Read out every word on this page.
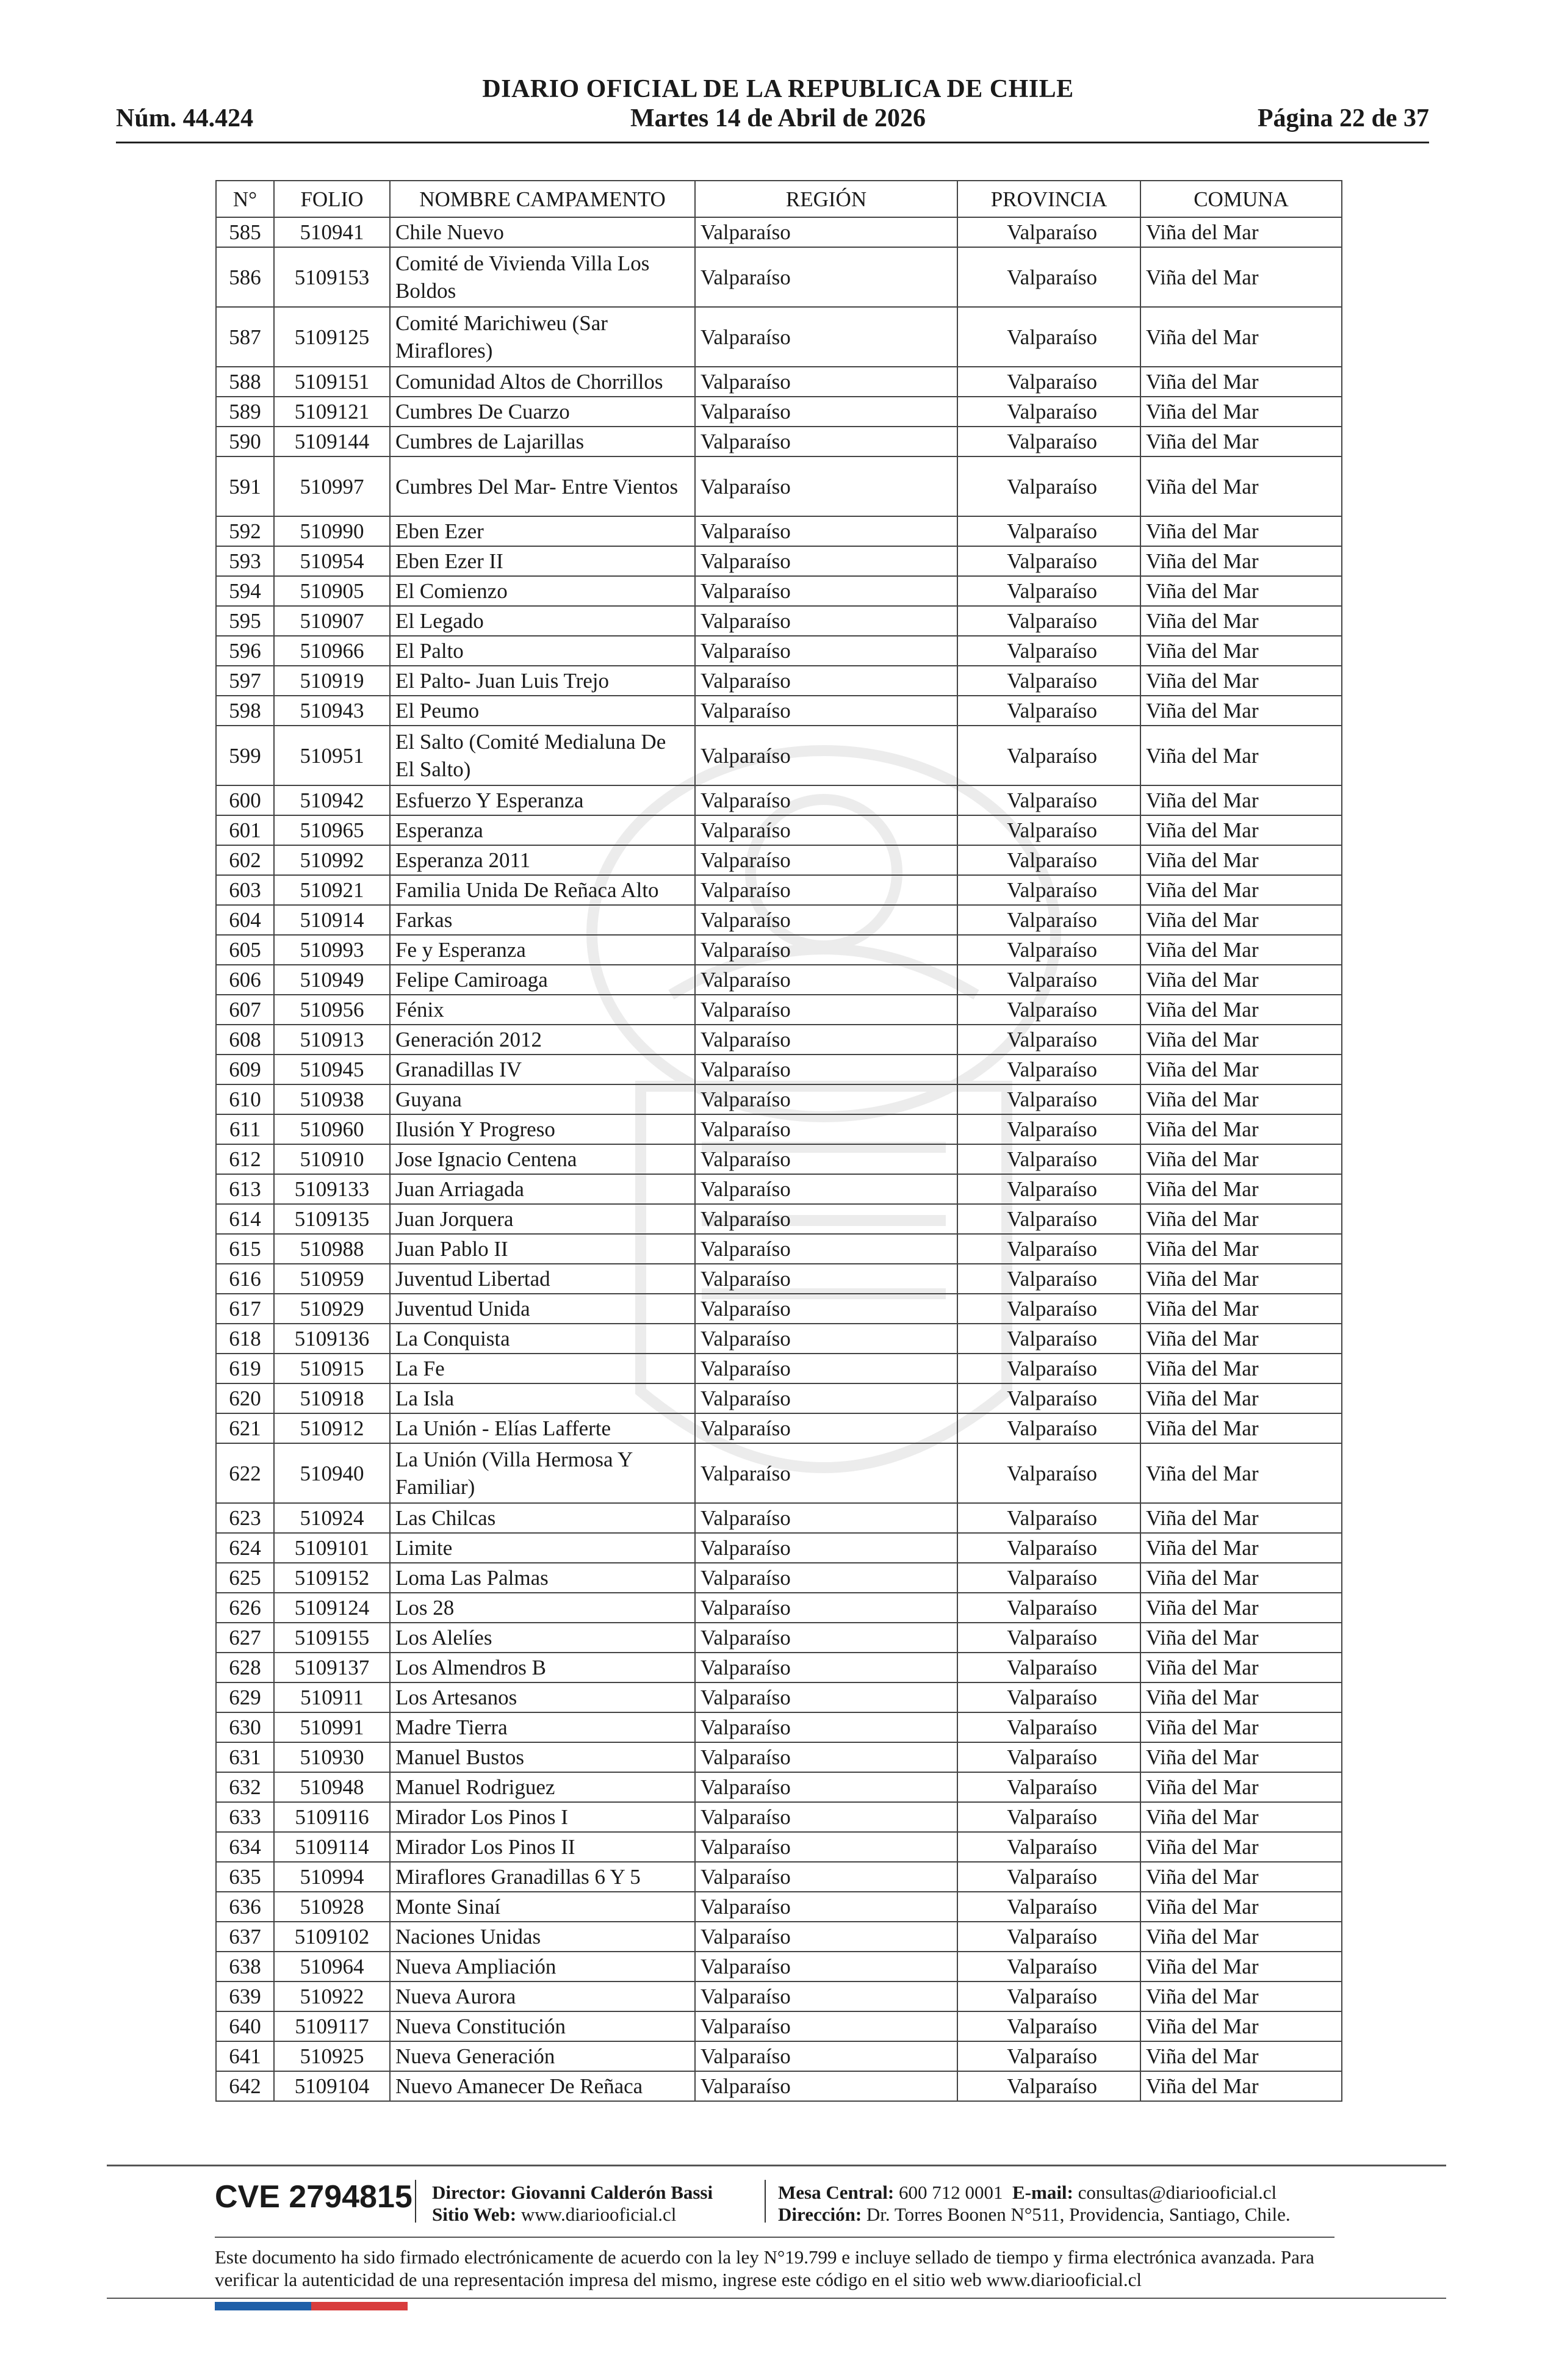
DIARIO OFICIAL DE LA REPUBLICA DE CHILE
Martes 14 de Abril de 2026
Núm. 44.424	Página 22 de 37
N°	FOLIO	NOMBRE CAMPAMENTO	REGIÓN	PROVINCIA	COMUNA
585	510941	Chile Nuevo	Valparaíso	Valparaíso	Viña del Mar
586	5109153	Comité de Vivienda Villa Los Boldos	Valparaíso	Valparaíso	Viña del Mar
587	5109125	Comité Marichiweu (Sar Miraflores)	Valparaíso	Valparaíso	Viña del Mar
588	5109151	Comunidad Altos de Chorrillos	Valparaíso	Valparaíso	Viña del Mar
589	5109121	Cumbres De Cuarzo	Valparaíso	Valparaíso	Viña del Mar
590	5109144	Cumbres de Lajarillas	Valparaíso	Valparaíso	Viña del Mar
591	510997	Cumbres Del Mar- Entre Vientos	Valparaíso	Valparaíso	Viña del Mar
592	510990	Eben Ezer	Valparaíso	Valparaíso	Viña del Mar
593	510954	Eben Ezer II	Valparaíso	Valparaíso	Viña del Mar
594	510905	El Comienzo	Valparaíso	Valparaíso	Viña del Mar
595	510907	El Legado	Valparaíso	Valparaíso	Viña del Mar
596	510966	El Palto	Valparaíso	Valparaíso	Viña del Mar
597	510919	El Palto- Juan Luis Trejo	Valparaíso	Valparaíso	Viña del Mar
598	510943	El Peumo	Valparaíso	Valparaíso	Viña del Mar
599	510951	El Salto (Comité Medialuna De El Salto)	Valparaíso	Valparaíso	Viña del Mar
600	510942	Esfuerzo Y Esperanza	Valparaíso	Valparaíso	Viña del Mar
601	510965	Esperanza	Valparaíso	Valparaíso	Viña del Mar
602	510992	Esperanza 2011	Valparaíso	Valparaíso	Viña del Mar
603	510921	Familia Unida De Reñaca Alto	Valparaíso	Valparaíso	Viña del Mar
604	510914	Farkas	Valparaíso	Valparaíso	Viña del Mar
605	510993	Fe y Esperanza	Valparaíso	Valparaíso	Viña del Mar
606	510949	Felipe Camiroaga	Valparaíso	Valparaíso	Viña del Mar
607	510956	Fénix	Valparaíso	Valparaíso	Viña del Mar
608	510913	Generación 2012	Valparaíso	Valparaíso	Viña del Mar
609	510945	Granadillas IV	Valparaíso	Valparaíso	Viña del Mar
610	510938	Guyana	Valparaíso	Valparaíso	Viña del Mar
611	510960	Ilusión Y Progreso	Valparaíso	Valparaíso	Viña del Mar
612	510910	Jose Ignacio Centena	Valparaíso	Valparaíso	Viña del Mar
613	5109133	Juan Arriagada	Valparaíso	Valparaíso	Viña del Mar
614	5109135	Juan Jorquera	Valparaíso	Valparaíso	Viña del Mar
615	510988	Juan Pablo II	Valparaíso	Valparaíso	Viña del Mar
616	510959	Juventud Libertad	Valparaíso	Valparaíso	Viña del Mar
617	510929	Juventud Unida	Valparaíso	Valparaíso	Viña del Mar
618	5109136	La Conquista	Valparaíso	Valparaíso	Viña del Mar
619	510915	La Fe	Valparaíso	Valparaíso	Viña del Mar
620	510918	La Isla	Valparaíso	Valparaíso	Viña del Mar
621	510912	La Unión - Elías Lafferte	Valparaíso	Valparaíso	Viña del Mar
622	510940	La Unión (Villa Hermosa Y Familiar)	Valparaíso	Valparaíso	Viña del Mar
623	510924	Las Chilcas	Valparaíso	Valparaíso	Viña del Mar
624	5109101	Limite	Valparaíso	Valparaíso	Viña del Mar
625	5109152	Loma Las Palmas	Valparaíso	Valparaíso	Viña del Mar
626	5109124	Los 28	Valparaíso	Valparaíso	Viña del Mar
627	5109155	Los Alelíes	Valparaíso	Valparaíso	Viña del Mar
628	5109137	Los Almendros B	Valparaíso	Valparaíso	Viña del Mar
629	510911	Los Artesanos	Valparaíso	Valparaíso	Viña del Mar
630	510991	Madre Tierra	Valparaíso	Valparaíso	Viña del Mar
631	510930	Manuel Bustos	Valparaíso	Valparaíso	Viña del Mar
632	510948	Manuel Rodriguez	Valparaíso	Valparaíso	Viña del Mar
633	5109116	Mirador Los Pinos I	Valparaíso	Valparaíso	Viña del Mar
634	5109114	Mirador Los Pinos II	Valparaíso	Valparaíso	Viña del Mar
635	510994	Miraflores Granadillas 6 Y 5	Valparaíso	Valparaíso	Viña del Mar
636	510928	Monte Sinaí	Valparaíso	Valparaíso	Viña del Mar
637	5109102	Naciones Unidas	Valparaíso	Valparaíso	Viña del Mar
638	510964	Nueva Ampliación	Valparaíso	Valparaíso	Viña del Mar
639	510922	Nueva Aurora	Valparaíso	Valparaíso	Viña del Mar
640	5109117	Nueva Constitución	Valparaíso	Valparaíso	Viña del Mar
641	510925	Nueva Generación	Valparaíso	Valparaíso	Viña del Mar
642	5109104	Nuevo Amanecer De Reñaca	Valparaíso	Valparaíso	Viña del Mar
CVE 2794815 Director: Giovanni Calderón Bassi
Sitio Web: www.diariooficial.cl
Mesa Central: 600 712 0001 E-mail: consultas@diariooficial.cl
Dirección: Dr. Torres Boonen N°511, Providencia, Santiago, Chile.
Este documento ha sido firmado electrónicamente de acuerdo con la ley N°19.799 e incluye sellado de tiempo y firma electrónica avanzada. Para verificar la autenticidad de una representación impresa del mismo, ingrese este código en el sitio web www.diariooficial.cl
